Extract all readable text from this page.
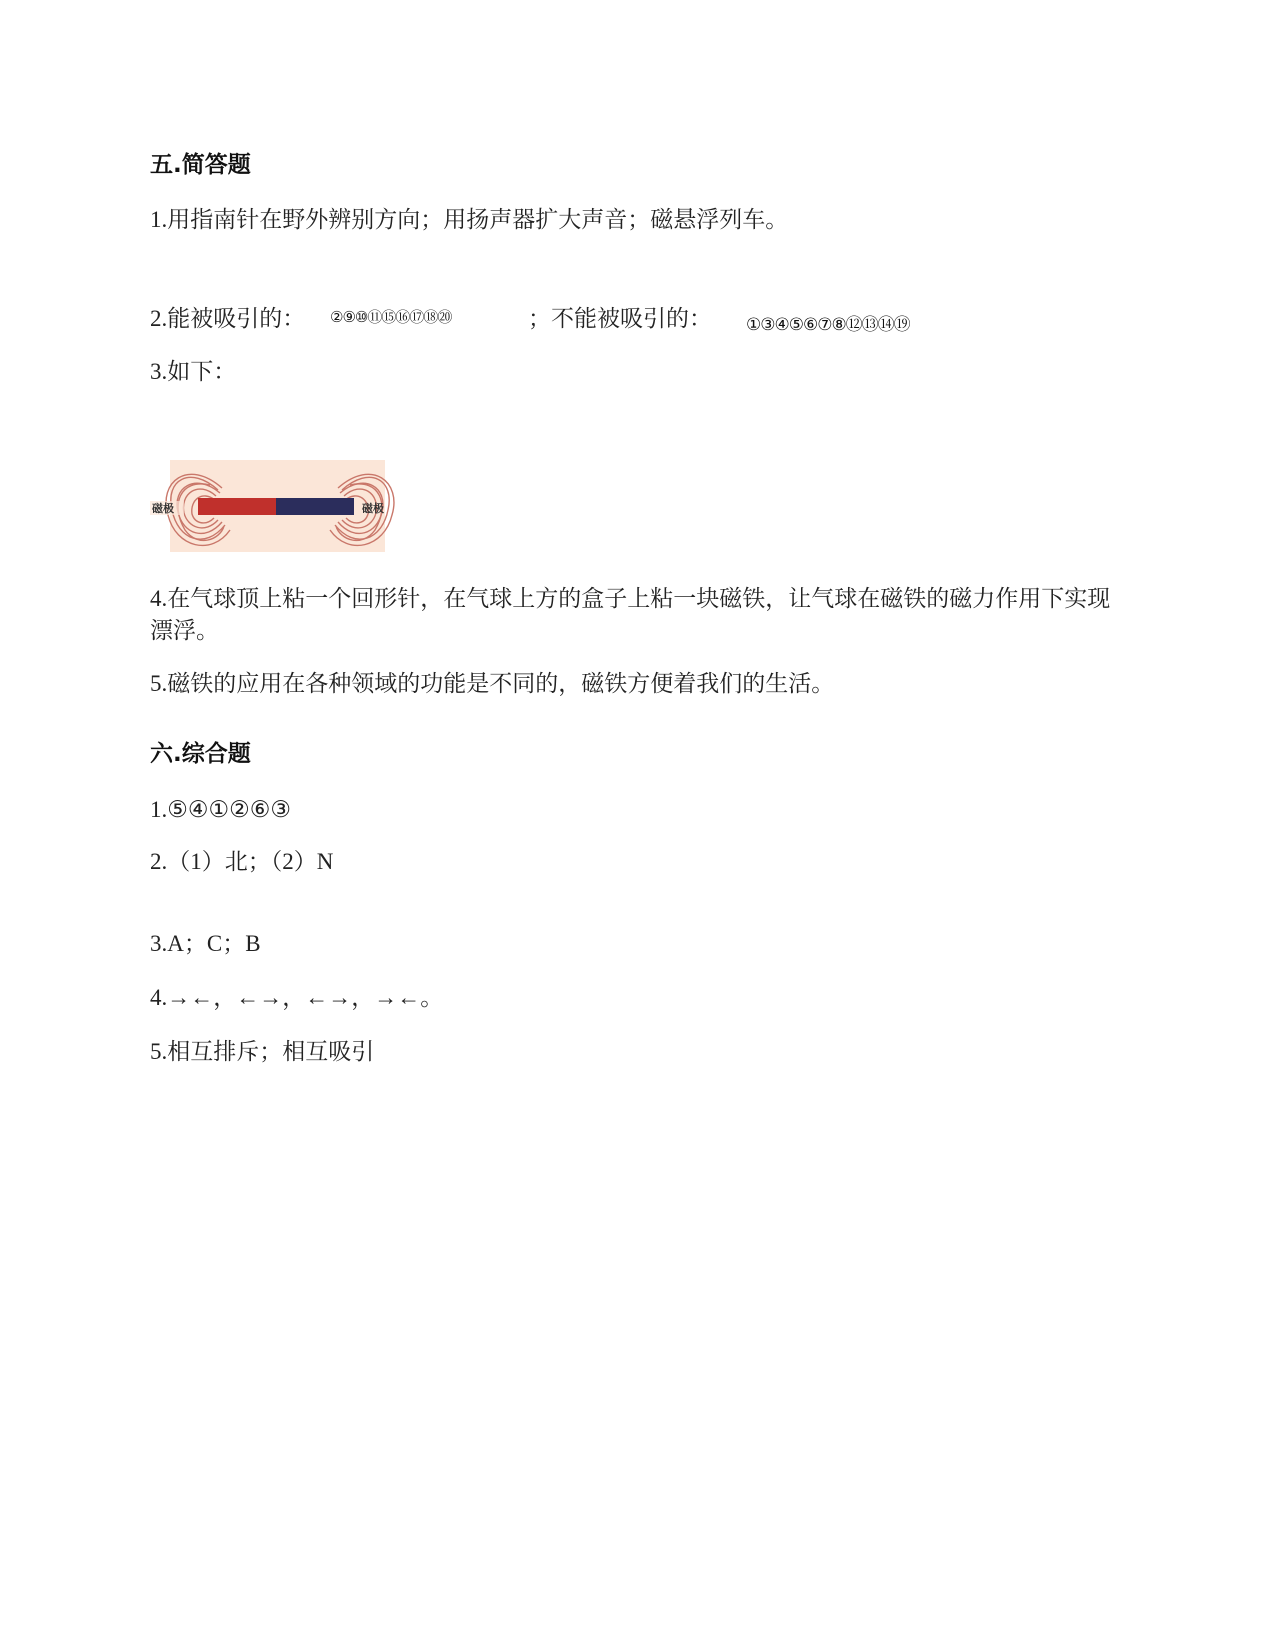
五.简答题
1.用指南针在野外辨别方向；用扬声器扩大声音；磁悬浮列车。
2.能被吸引的： ②⑨⑩⑪⑮⑯⑰⑱⑳	；不能被吸引的： ①③④⑤⑥⑦⑧⑫⑬⑭⑲
3.如下：
磁极	磁极
4.在气球顶上粘一个回形针，在气球上方的盒子上粘一块磁铁，让气球在磁铁的磁力作用下实现漂浮。
5.磁铁的应用在各种领域的功能是不同的，磁铁方便着我们的生活。
六.综合题
1.⑤④①②⑥③
2.（1）北；（2）N
3.A；C；B
4.→←，←→，←→，→←。
5.相互排斥；相互吸引
